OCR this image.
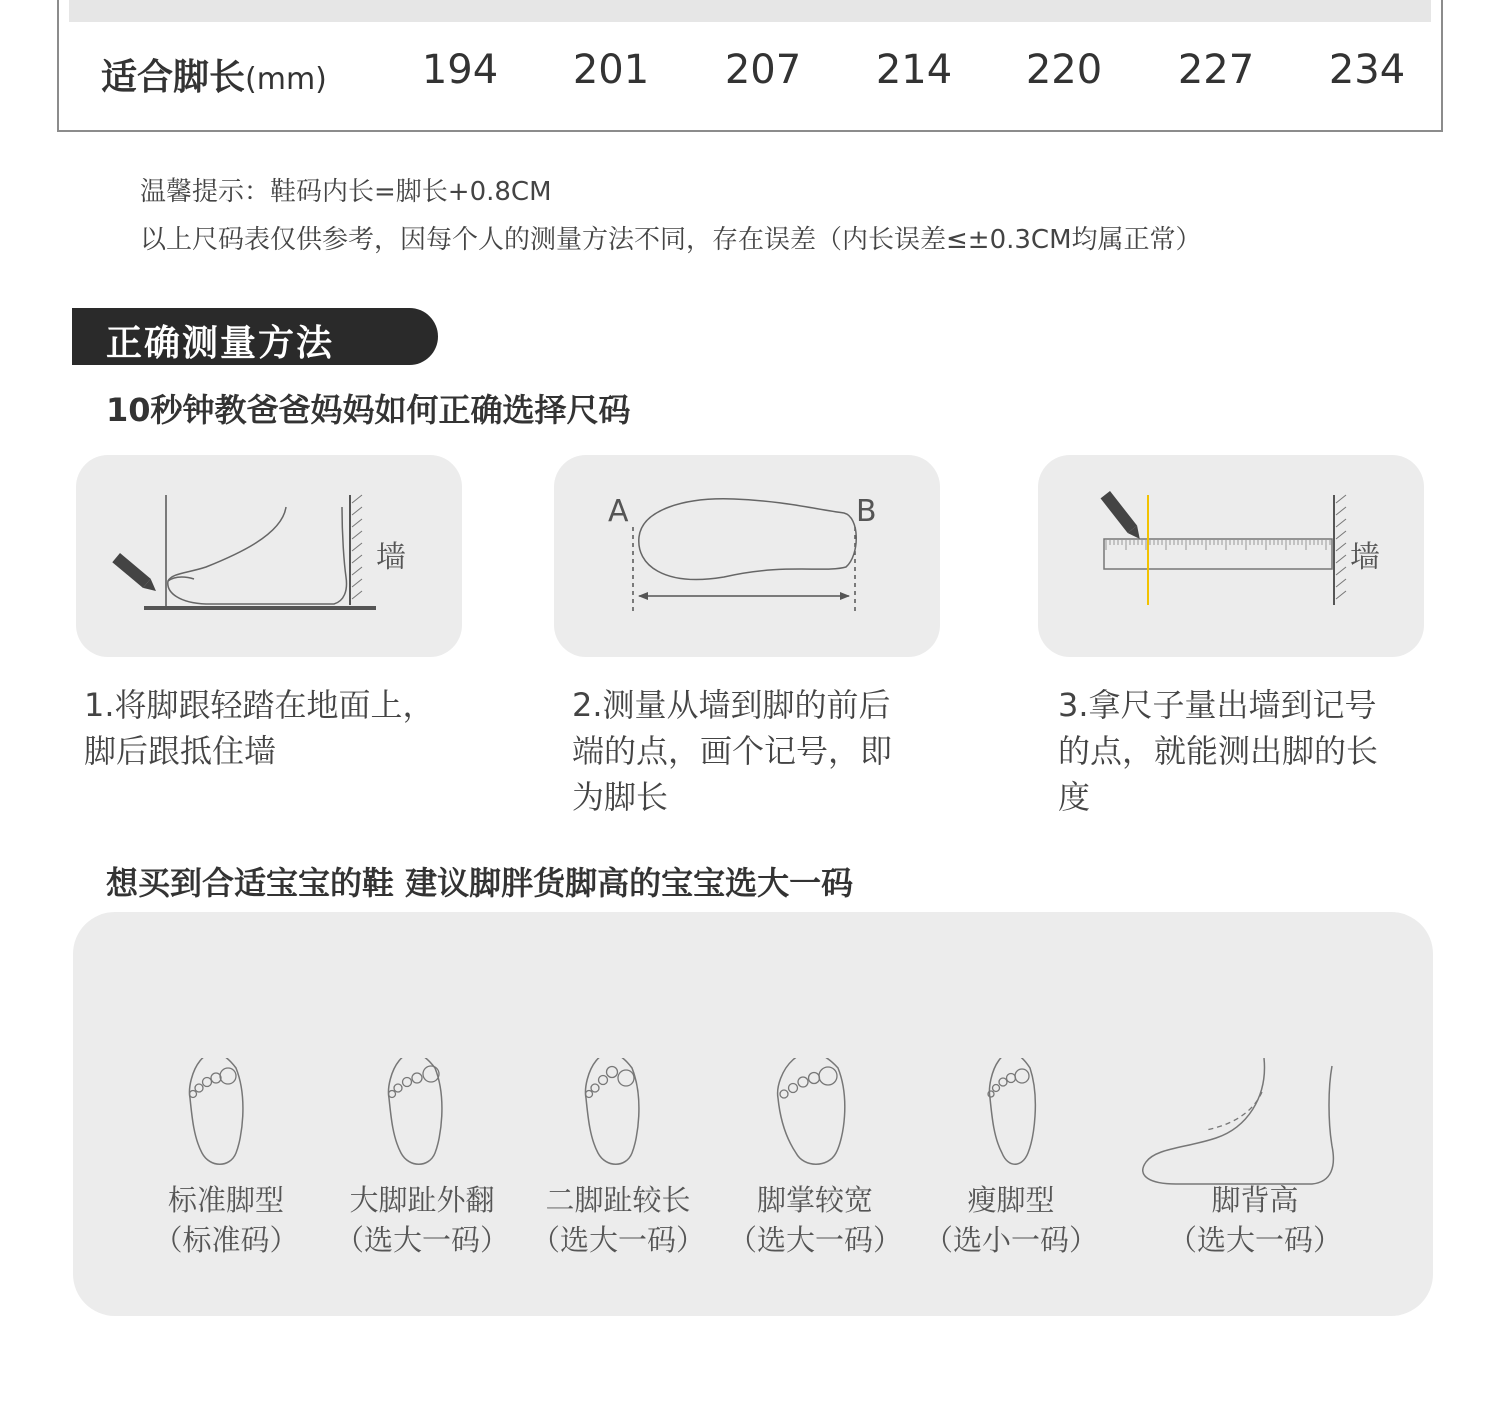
适合脚长(mm)	194	201	207	214	220	227	234
温馨提示：鞋码内长=脚长+0.8CM
以上尺码表仅供参考，因每个人的测量方法不同，存在误差（内长误差≤±0.3CM均属正常）
正确测量方法
10秒钟教爸爸妈妈如何正确选择尺码
墙
A	B
墙
1.将脚跟轻踏在地面上，
脚后跟抵住墙
2.测量从墙到脚的前后
端的点，画个记号，即
为脚长
3.拿尺子量出墙到记号
的点，就能测出脚的长
度
想买到合适宝宝的鞋 建议脚胖货脚高的宝宝选大一码
标准脚型
（标准码）
大脚趾外翻
（选大一码）
二脚趾较长
（选大一码）
脚掌较宽
（选大一码）
瘦脚型
（选小一码）
脚背高
（选大一码）
